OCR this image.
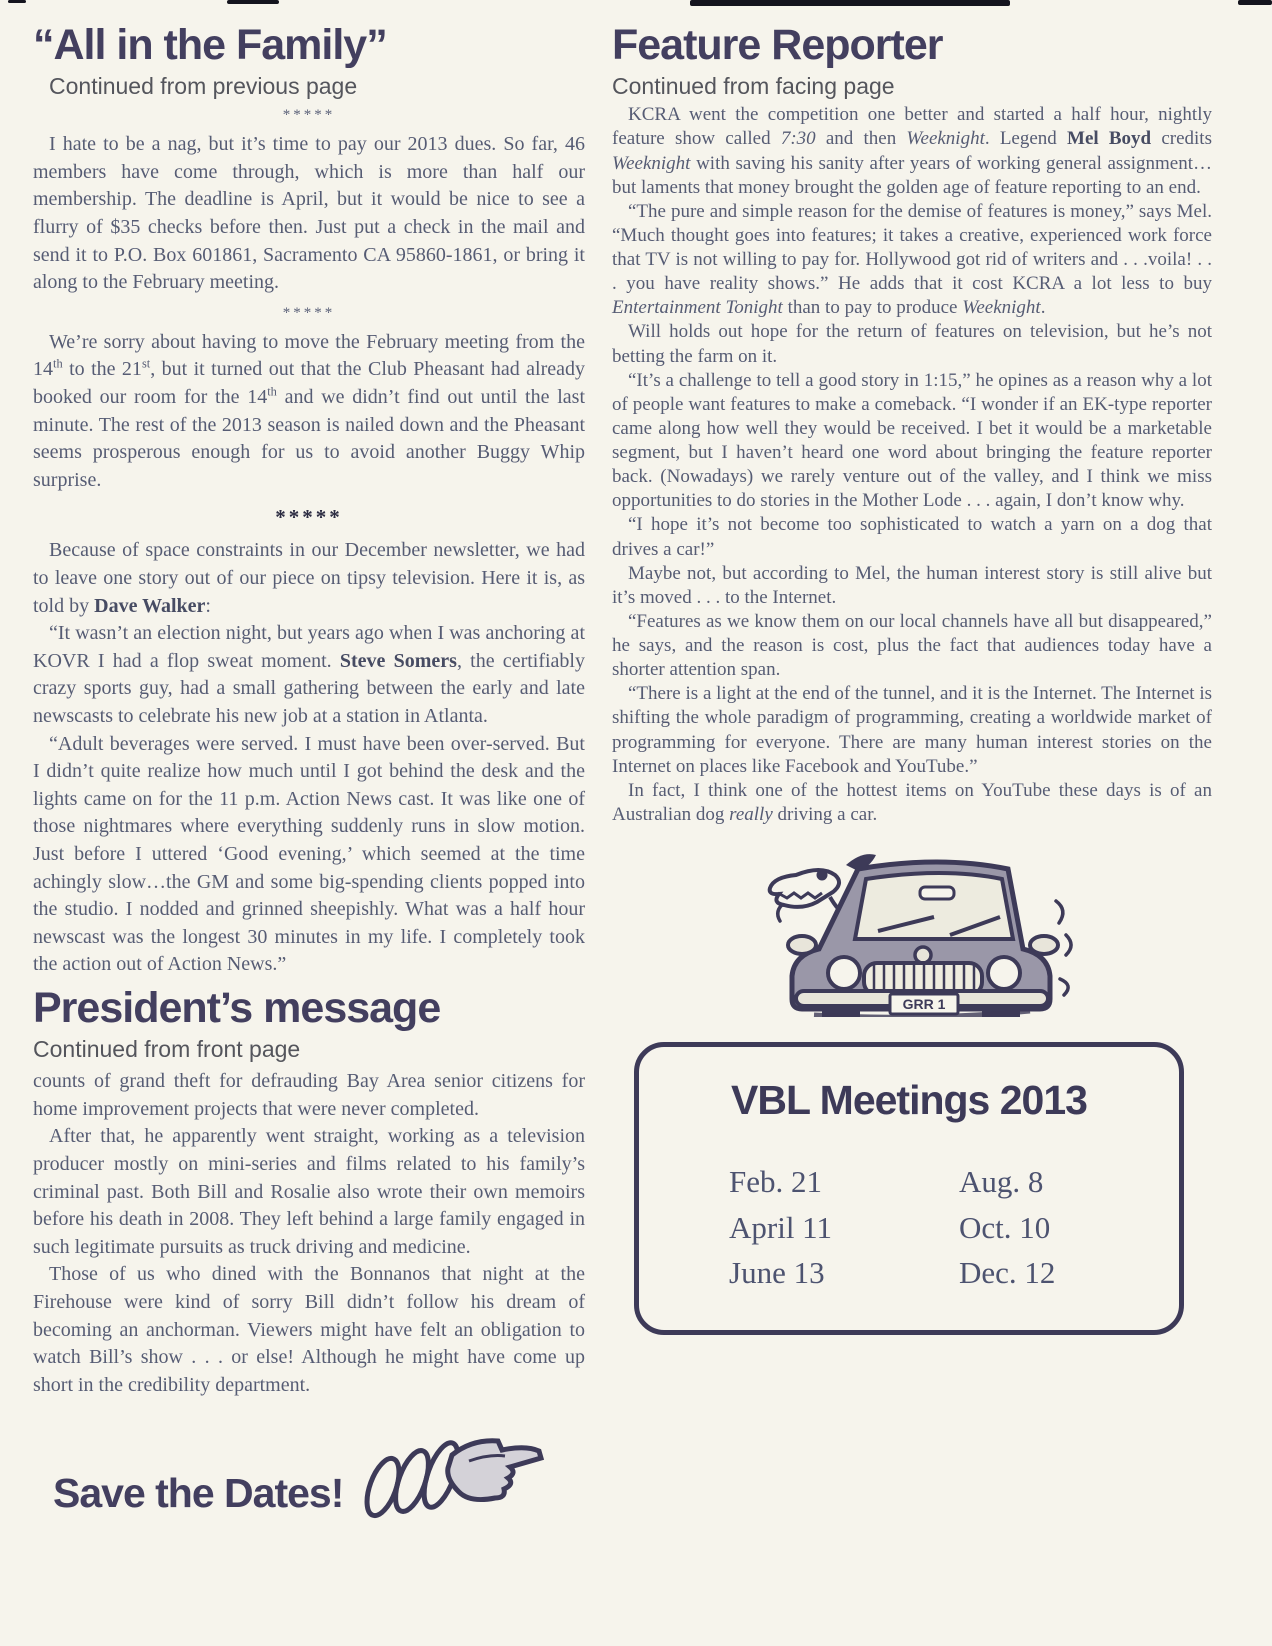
“All in the Family”
Continued from previous page
*****

I hate to be a nag, but it’s time to pay our 2013 dues. So far, 46 members have come through, which is more than half our membership. The deadline is April, but it would be nice to see a flurry of $35 checks before then. Just put a check in the mail and send it to P.O. Box 601861, Sacramento CA 95860-1861, or bring it along to the February meeting.

*****

We’re sorry about having to move the February meeting from the 14th to the 21st, but it turned out that the Club Pheasant had already booked our room for the 14th and we didn’t find out until the last minute. The rest of the 2013 season is nailed down and the Pheasant seems prosperous enough for us to avoid another Buggy Whip surprise.

*****

Because of space constraints in our December newsletter, we had to leave one story out of our piece on tipsy television. Here it is, as told by Dave Walker:

“It wasn’t an election night, but years ago when I was anchoring at KOVR I had a flop sweat moment. Steve Somers, the certifiably crazy sports guy, had a small gathering between the early and late newscasts to celebrate his new job at a station in Atlanta.

“Adult beverages were served. I must have been over-served. But I didn’t quite realize how much until I got behind the desk and the lights came on for the 11 p.m. Action News cast. It was like one of those nightmares where everything suddenly runs in slow motion. Just before I uttered ‘Good evening,’ which seemed at the time achingly slow…the GM and some big-spending clients popped into the studio. I nodded and grinned sheepishly. What was a half hour newscast was the longest 30 minutes in my life. I completely took the action out of Action News.”

President’s message
Continued from front page

counts of grand theft for defrauding Bay Area senior citizens for home improvement projects that were never completed.

After that, he apparently went straight, working as a television producer mostly on mini-series and films related to his family’s criminal past. Both Bill and Rosalie also wrote their own memoirs before his death in 2008. They left behind a large family engaged in such legitimate pursuits as truck driving and medicine.

Those of us who dined with the Bonnanos that night at the Firehouse were kind of sorry Bill didn’t follow his dream of becoming an anchorman. Viewers might have felt an obligation to watch Bill’s show . . . or else! Although he might have come up short in the credibility department.

Save the Dates!
Feature Reporter
Continued from facing page

KCRA went the competition one better and started a half hour, nightly feature show called 7:30 and then Weeknight. Legend Mel Boyd credits Weeknight with saving his sanity after years of working general assignment…but laments that money brought the golden age of feature reporting to an end.

“The pure and simple reason for the demise of features is money,” says Mel. “Much thought goes into features; it takes a creative, experienced work force that TV is not willing to pay for. Hollywood got rid of writers and . . .voila! . . . you have reality shows.” He adds that it cost KCRA a lot less to buy Entertainment Tonight than to pay to produce Weeknight.

Will holds out hope for the return of features on television, but he’s not betting the farm on it.

“It’s a challenge to tell a good story in 1:15,” he opines as a reason why a lot of people want features to make a comeback. “I wonder if an EK-type reporter came along how well they would be received. I bet it would be a marketable segment, but I haven’t heard one word about bringing the feature reporter back. (Nowadays) we rarely venture out of the valley, and I think we miss opportunities to do stories in the Mother Lode . . . again, I don’t know why.

“I hope it’s not become too sophisticated to watch a yarn on a dog that drives a car!”

Maybe not, but according to Mel, the human interest story is still alive but it’s moved . . . to the Internet.

“Features as we know them on our local channels have all but disappeared,” he says, and the reason is cost, plus the fact that audiences today have a shorter attention span.

“There is a light at the end of the tunnel, and it is the Internet. The Internet is shifting the whole paradigm of programming, creating a worldwide market of programming for everyone. There are many human interest stories on the Internet on places like Facebook and YouTube.”

In fact, I think one of the hottest items on YouTube these days is of an Australian dog really driving a car.

GRR 1
VBL Meetings 2013
Feb. 21
April 11
June 13
Aug. 8
Oct. 10
Dec. 12
